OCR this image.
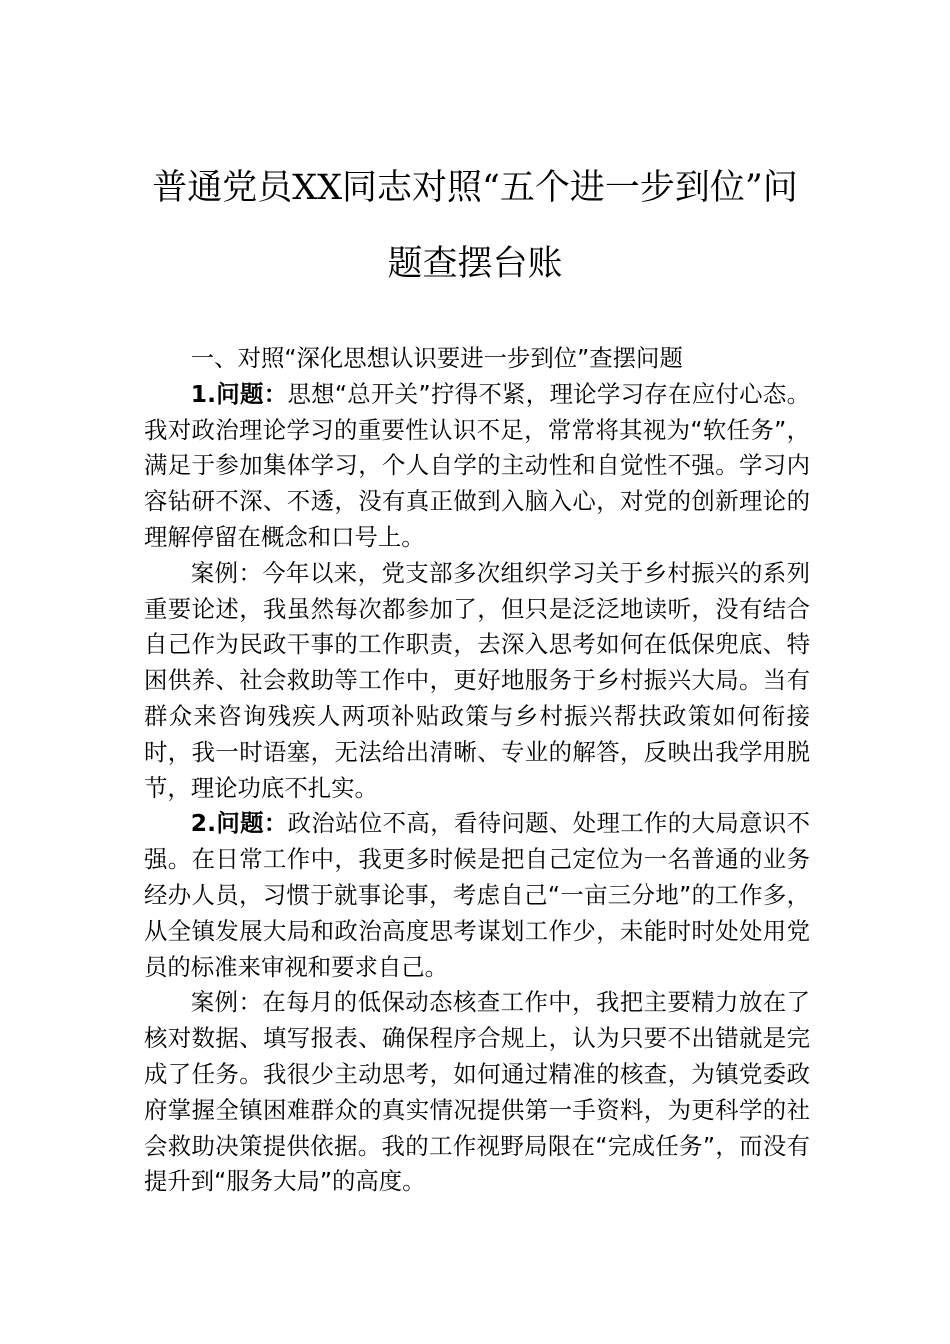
普通党员XX同志对照“五个进一步到位”问
题查摆台账

一、对照“深化思想认识要进一步到位”查摆问题

1.问题：思想“总开关”拧得不紧，理论学习存在应付心态。我对政治理论学习的重要性认识不足，常常将其视为“软任务”，满足于参加集体学习，个人自学的主动性和自觉性不强。学习内容钻研不深、不透，没有真正做到入脑入心，对党的创新理论的理解停留在概念和口号上。

案例：今年以来，党支部多次组织学习关于乡村振兴的系列重要论述，我虽然每次都参加了，但只是泛泛地读听，没有结合自己作为民政干事的工作职责，去深入思考如何在低保兜底、特困供养、社会救助等工作中，更好地服务于乡村振兴大局。当有群众来咨询残疾人两项补贴政策与乡村振兴帮扶政策如何衔接时，我一时语塞，无法给出清晰、专业的解答，反映出我学用脱节，理论功底不扎实。

2.问题：政治站位不高，看待问题、处理工作的大局意识不强。在日常工作中，我更多时候是把自己定位为一名普通的业务经办人员，习惯于就事论事，考虑自己“一亩三分地”的工作多，从全镇发展大局和政治高度思考谋划工作少，未能时时处处用党员的标准来审视和要求自己。

案例：在每月的低保动态核查工作中，我把主要精力放在了核对数据、填写报表、确保程序合规上，认为只要不出错就是完成了任务。我很少主动思考，如何通过精准的核查，为镇党委政府掌握全镇困难群众的真实情况提供第一手资料，为更科学的社会救助决策提供依据。我的工作视野局限在“完成任务”，而没有提升到“服务大局”的高度。
